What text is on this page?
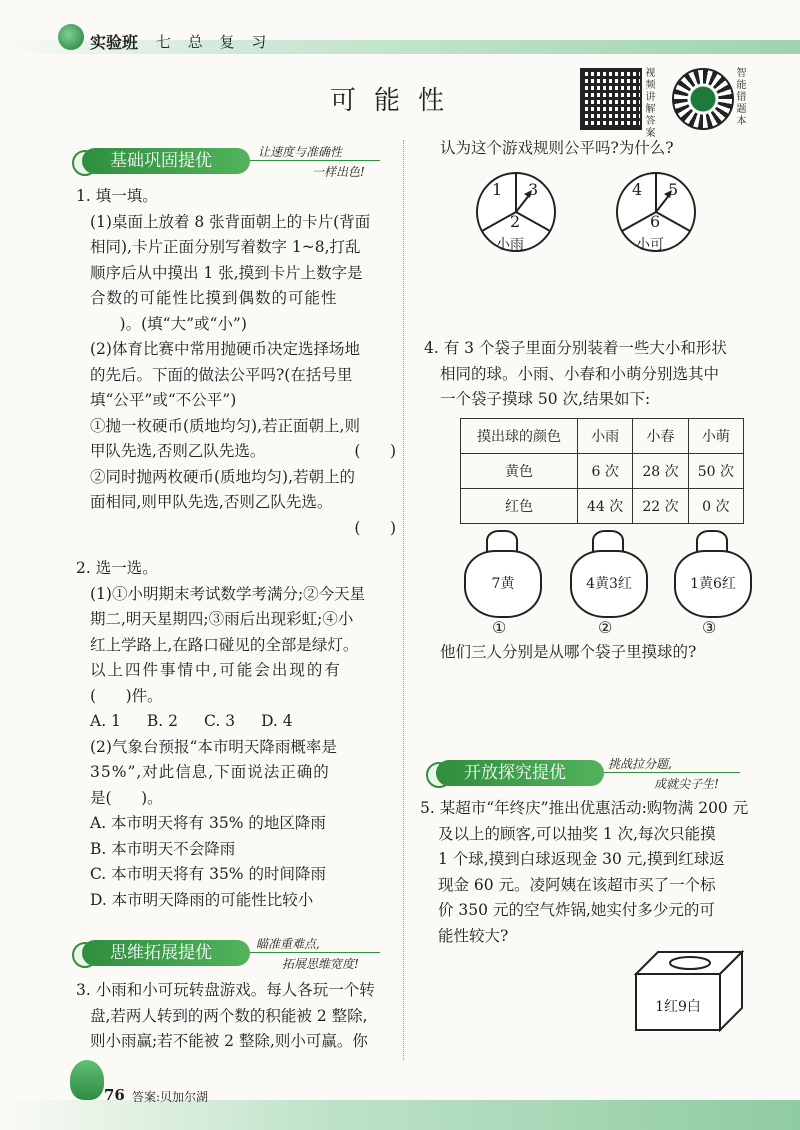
实验班 七 总 复 习
可能性
视频讲解答案
智能错题本
基础巩固提优	让速度与准确性
一样出色!

1. 填一填。

(1)桌面上放着 8 张背面朝上的卡片(背面

相同),卡片正面分别写着数字 1~8,打乱

顺序后从中摸出 1 张,摸到卡片上数字是

合数的可能性比摸到偶数的可能性

)。(填“大”或“小”)

(2)体育比赛中常用抛硬币决定选择场地

的先后。下面的做法公平吗?(在括号里

填“公平”或“不公平”)

①抛一枚硬币(质地均匀),若正面朝上,则

甲队先选,否则乙队先选。	(      )

②同时抛两枚硬币(质地均匀),若朝上的

面相同,则甲队先选,否则乙队先选。

(      )

2. 选一选。

(1)①小明期末考试数学考满分;②今天星

期二,明天星期四;③雨后出现彩虹;④小

红上学路上,在路口碰见的全部是绿灯。

以上四件事情中,可能会出现的有

(      )件。

A. 1 B. 2 C. 3 D. 4

(2)气象台预报“本市明天降雨概率是

35%”,对此信息,下面说法正确的

是(      )。

A. 本市明天将有 35% 的地区降雨

B. 本市明天不会降雨

C. 本市明天将有 35% 的时间降雨

D. 本市明天降雨的可能性比较小

思维拓展提优	瞄准重难点,
拓展思维宽度!

3. 小雨和小可玩转盘游戏。每人各玩一个转

盘,若两人转到的两个数的积能被 2 整除,

则小雨赢;若不能被 2 整除,则小可赢。你

76 答案:贝加尔湖
认为这个游戏规则公平吗?为什么?
1 3
2
小雨
4 5
6
小可

4. 有 3 个袋子里面分别装着一些大小和形状

相同的球。小雨、小春和小萌分别选其中

一个袋子摸球 50 次,结果如下:

摸出球的颜色	小雨	小春	小萌
黄色	6 次	28 次	50 次
红色	44 次	22 次	0 次
7黄
①
4黄3红
②
1黄6红
③
他们三人分别是从哪个袋子里摸球的?
开放探究提优	挑战拉分题,
成就尖子生!

5. 某超市“年终庆”推出优惠活动:购物满 200 元

及以上的顾客,可以抽奖 1 次,每次只能摸

1 个球,摸到白球返现金 30 元,摸到红球返

现金 60 元。凌阿姨在该超市买了一个标

价 350 元的空气炸锅,她实付多少元的可

能性较大?

1红9白
